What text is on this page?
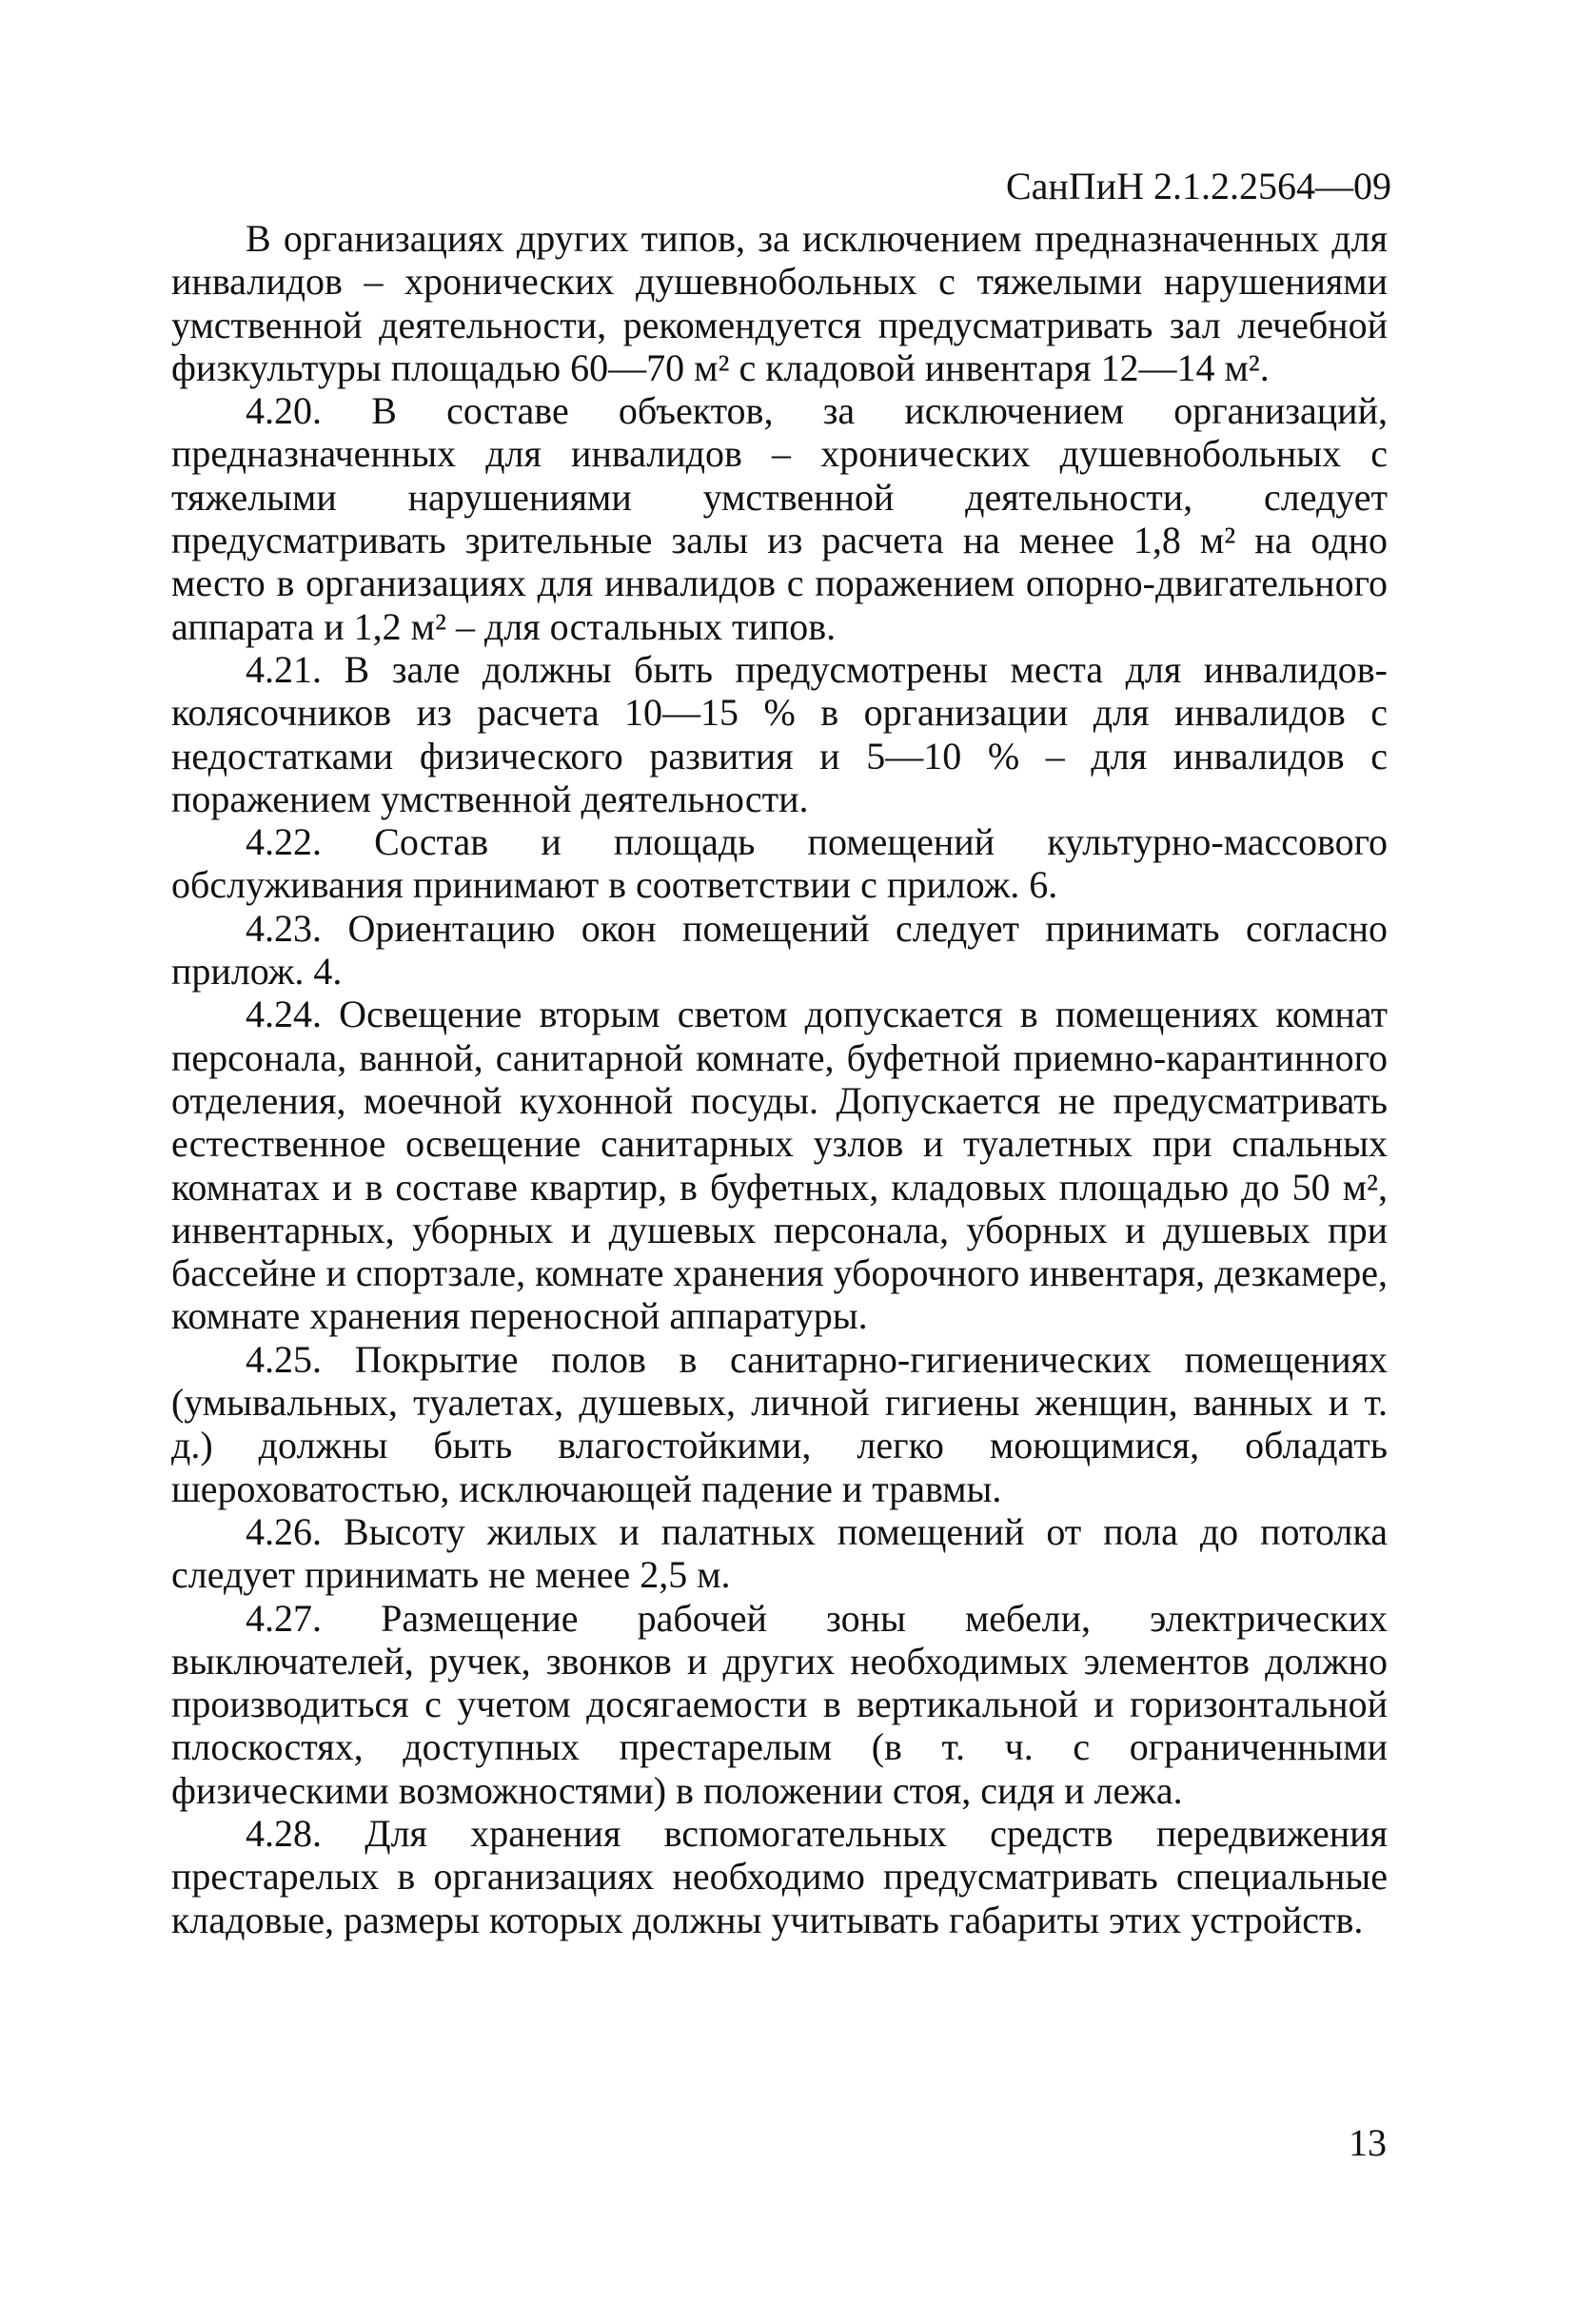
СанПиН 2.1.2.2564—09

В организациях других типов, за исключением предназначенных для инвалидов – хронических душевнобольных с тяжелыми нарушениями умственной деятельности, рекомендуется предусматривать зал лечебной физкультуры площадью 60—70 м² с кладовой инвентаря 12—14 м².

4.20. В составе объектов, за исключением организаций, предназначенных для инвалидов – хронических душевнобольных с тяжелыми нарушениями умственной деятельности, следует предусматривать зрительные залы из расчета на менее 1,8 м² на одно место в организациях для инвалидов с поражением опорно-двигательного аппарата и 1,2 м² – для остальных типов.

4.21. В зале должны быть предусмотрены места для инвалидов-колясочников из расчета 10—15 % в организации для инвалидов с недостатками физического развития и 5—10 % – для инвалидов с поражением умственной деятельности.

4.22. Состав и площадь помещений культурно-массового обслуживания принимают в соответствии с прилож. 6.

4.23. Ориентацию окон помещений следует принимать согласно прилож. 4.

4.24. Освещение вторым светом допускается в помещениях комнат персонала, ванной, санитарной комнате, буфетной приемно-карантинного отделения, моечной кухонной посуды. Допускается не предусматривать естественное освещение санитарных узлов и туалетных при спальных комнатах и в составе квартир, в буфетных, кладовых площадью до 50 м², инвентарных, уборных и душевых персонала, уборных и душевых при бассейне и спортзале, комнате хранения уборочного инвентаря, дезкамере, комнате хранения переносной аппаратуры.

4.25. Покрытие полов в санитарно-гигиенических помещениях (умывальных, туалетах, душевых, личной гигиены женщин, ванных и т. д.) должны быть влагостойкими, легко моющимися, обладать шероховатостью, исключающей падение и травмы.

4.26. Высоту жилых и палатных помещений от пола до потолка следует принимать не менее 2,5 м.

4.27. Размещение рабочей зоны мебели, электрических выключателей, ручек, звонков и других необходимых элементов должно производиться с учетом досягаемости в вертикальной и горизонтальной плоскостях, доступных престарелым (в т. ч. с ограниченными физическими возможностями) в положении стоя, сидя и лежа.

4.28. Для хранения вспомогательных средств передвижения престарелых в организациях необходимо предусматривать специальные кладовые, размеры которых должны учитывать габариты этих устройств.

13
